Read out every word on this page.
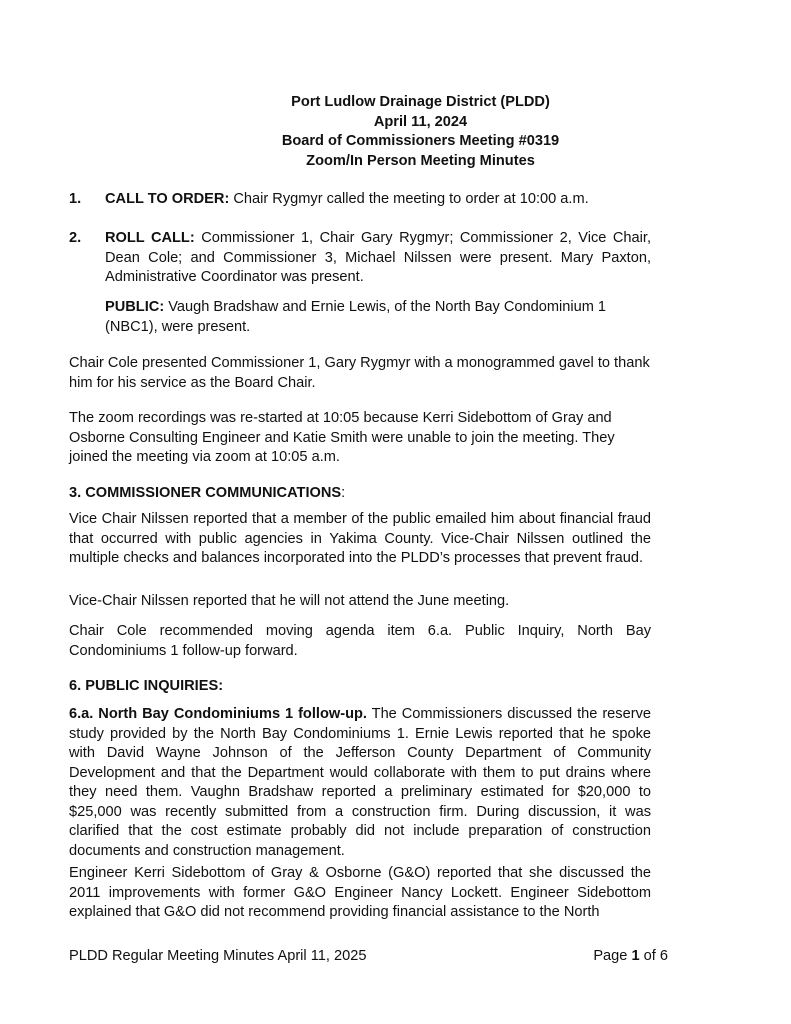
Port Ludlow Drainage District (PLDD)
April 11, 2024
Board of Commissioners Meeting #0319
Zoom/In Person Meeting Minutes
1. CALL TO ORDER: Chair Rygmyr called the meeting to order at 10:00 a.m.
2. ROLL CALL: Commissioner 1, Chair Gary Rygmyr; Commissioner 2, Vice Chair, Dean Cole; and Commissioner 3, Michael Nilssen were present. Mary Paxton, Administrative Coordinator was present.
PUBLIC: Vaugh Bradshaw and Ernie Lewis, of the North Bay Condominium 1 (NBC1), were present.
Chair Cole presented Commissioner 1, Gary Rygmyr with a monogrammed gavel to thank him for his service as the Board Chair.
The zoom recordings was re-started at 10:05 because Kerri Sidebottom of Gray and Osborne Consulting Engineer and Katie Smith were unable to join the meeting. They joined the meeting via zoom at 10:05 a.m.
3. COMMISSIONER COMMUNICATIONS:
Vice Chair Nilssen reported that a member of the public emailed him about financial fraud that occurred with public agencies in Yakima County. Vice-Chair Nilssen outlined the multiple checks and balances incorporated into the PLDD’s processes that prevent fraud.
Vice-Chair Nilssen reported that he will not attend the June meeting.
Chair Cole recommended moving agenda item 6.a. Public Inquiry, North Bay Condominiums 1 follow-up forward.
6. PUBLIC INQUIRIES:
6.a. North Bay Condominiums 1 follow-up. The Commissioners discussed the reserve study provided by the North Bay Condominiums 1. Ernie Lewis reported that he spoke with David Wayne Johnson of the Jefferson County Department of Community Development and that the Department would collaborate with them to put drains where they need them. Vaughn Bradshaw reported a preliminary estimated for $20,000 to $25,000 was recently submitted from a construction firm. During discussion, it was clarified that the cost estimate probably did not include preparation of construction documents and construction management.
Engineer Kerri Sidebottom of Gray & Osborne (G&O) reported that she discussed the 2011 improvements with former G&O Engineer Nancy Lockett. Engineer Sidebottom explained that G&O did not recommend providing financial assistance to the North
PLDD Regular Meeting Minutes April 11, 2025	Page 1 of 6
